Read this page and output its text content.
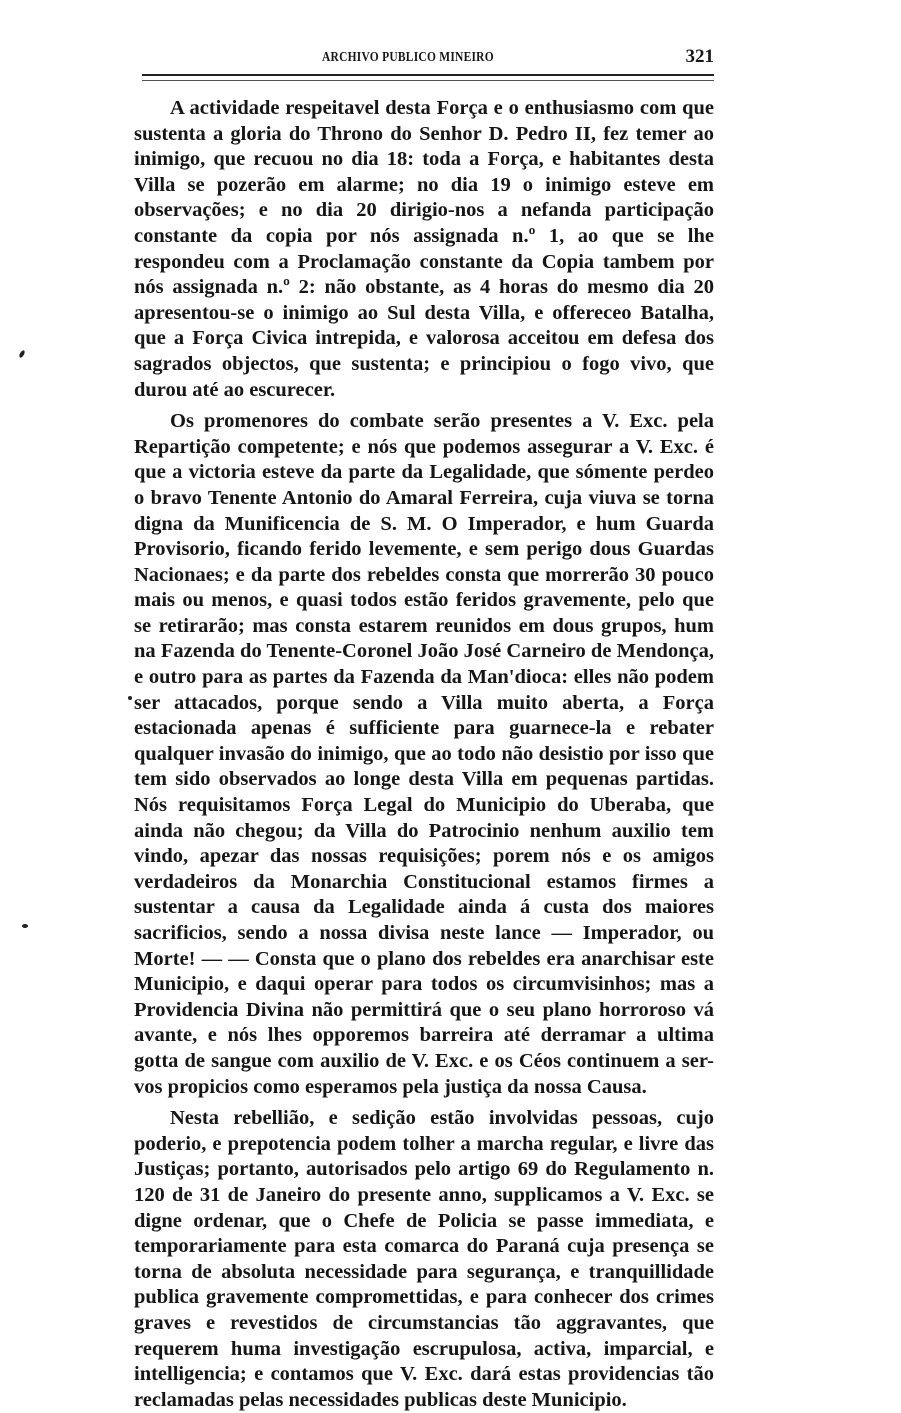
ARCHIVO PUBLICO MINEIRO	321

A actividade respeitavel desta Força e o enthusiasmo com que sustenta a gloria do Throno do Senhor D. Pedro II, fez temer ao inimigo, que recuou no dia 18: toda a Força, e habitantes desta Villa se pozerão em alarme; no dia 19 o inimigo esteve em observações; e no dia 20 dirigio-nos a nefanda participação constante da copia por nós assignada n.º 1, ao que se lhe respondeu com a Proclamação constante da Copia tambem por nós assignada n.º 2: não obstante, as 4 horas do mesmo dia 20 apresentou-se o inimigo ao Sul desta Villa, e offereceo Batalha, que a Força Civica intrepida, e valorosa acceitou em defesa dos sagrados objectos, que sustenta; e principiou o fogo vivo, que durou até ao escurecer.

Os promenores do combate serão presentes a V. Exc. pela Repartição competente; e nós que podemos assegurar a V. Exc. é que a victoria esteve da parte da Legalidade, que sómente perdeo o bravo Tenente Antonio do Amaral Ferreira, cuja viuva se torna digna da Munificencia de S. M. O Imperador, e hum Guarda Provisorio, ficando ferido levemente, e sem perigo dous Guardas Nacionaes; e da parte dos rebeldes consta que morrerão 30 pouco mais ou menos, e quasi todos estão feridos gravemente, pelo que se retirarão; mas consta estarem reunidos em dous grupos, hum na Fazenda do Tenente-Coronel João José Carneiro de Mendonça, e outro para as partes da Fazenda da Man'dioca: elles não podem ser attacados, porque sendo a Villa muito aberta, a Força estacionada apenas é sufficiente para guarnece-la e rebater qualquer invasão do inimigo, que ao todo não desistio por isso que tem sido observados ao longe desta Villa em pequenas partidas. Nós requisitamos Força Legal do Municipio do Uberaba, que ainda não chegou; da Villa do Patrocinio nenhum auxilio tem vindo, apezar das nossas requisições; porem nós e os amigos verdadeiros da Monarchia Constitucional estamos firmes a sustentar a causa da Legalidade ainda á custa dos maiores sacrificios, sendo a nossa divisa neste lance — Imperador, ou Morte! — — Consta que o plano dos rebeldes era anarchisar este Municipio, e daqui operar para todos os circumvisinhos; mas a Providencia Divina não permittirá que o seu plano horroroso vá avante, e nós lhes opporemos barreira até derramar a ultima gotta de sangue com auxilio de V. Exc. e os Céos continuem a ser-vos propicios como esperamos pela justiça da nossa Causa.

Nesta rebellião, e sedição estão involvidas pessoas, cujo poderio, e prepotencia podem tolher a marcha regular, e livre das Justiças; portanto, autorisados pelo artigo 69 do Regulamento n. 120 de 31 de Janeiro do presente anno, supplicamos a V. Exc. se digne ordenar, que o Chefe de Policia se passe immediata, e temporariamente para esta comarca do Paraná cuja presença se torna de absoluta necessidade para segurança, e tranquillidade publica gravemente compromettidas, e para conhecer dos crimes graves e revestidos de circumstancias tão aggravantes, que requerem huma investigação escrupulosa, activa, imparcial, e intelligencia; e contamos que V. Exc. dará estas providencias tão reclamadas pelas necessidades publicas deste Municipio.
